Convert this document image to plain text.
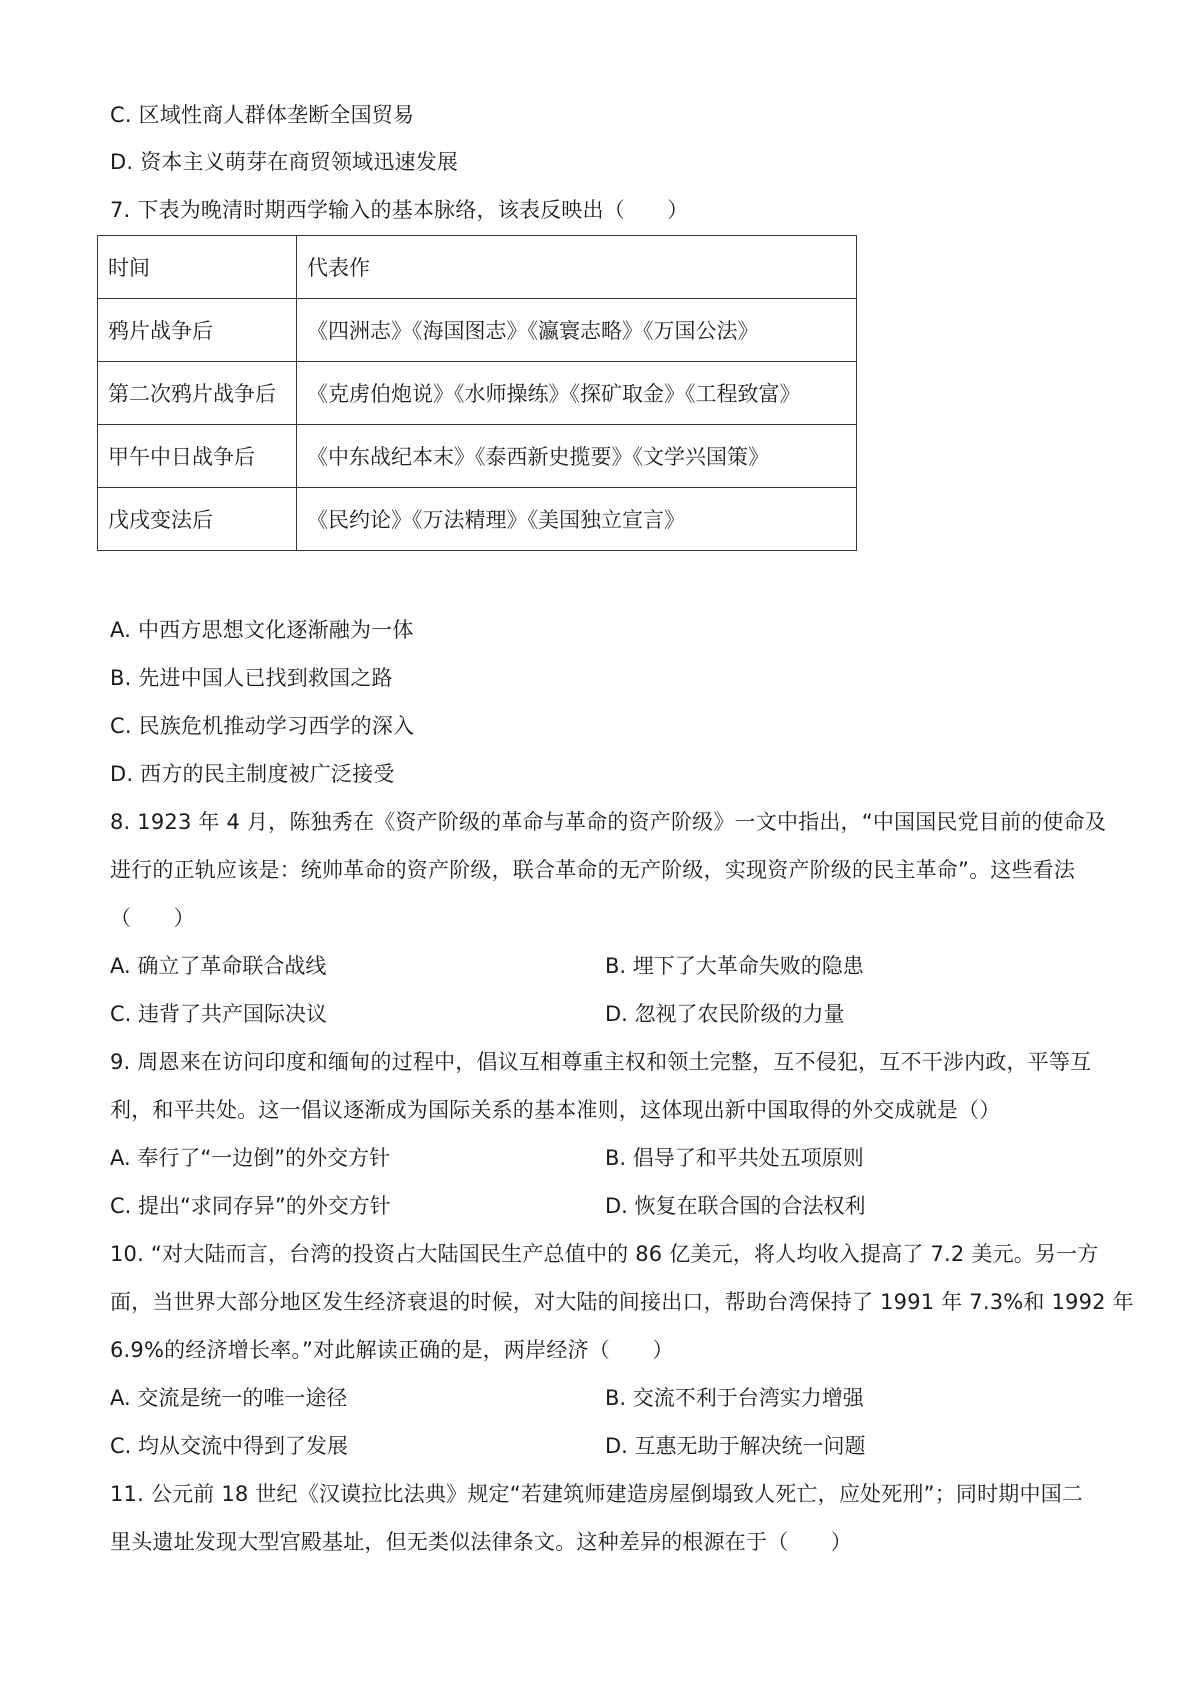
C. 区域性商人群体垄断全国贸易
D. 资本主义萌芽在商贸领域迅速发展
7. 下表为晚清时期西学输入的基本脉络，该表反映出（　　）
时间	代表作
鸦片战争后	《四洲志》《海国图志》《瀛寰志略》《万国公法》
第二次鸦片战争后	《克虏伯炮说》《水师操练》《探矿取金》《工程致富》
甲午中日战争后	《中东战纪本末》《泰西新史揽要》《文学兴国策》
戊戌变法后	《民约论》《万法精理》《美国独立宣言》
A. 中西方思想文化逐渐融为一体
B. 先进中国人已找到救国之路
C. 民族危机推动学习西学的深入
D. 西方的民主制度被广泛接受
8. 1923 年 4 月，陈独秀在《资产阶级的革命与革命的资产阶级》一文中指出，“中国国民党目前的使命及
进行的正轨应该是：统帅革命的资产阶级，联合革命的无产阶级，实现资产阶级的民主革命”。这些看法
（　　）
A. 确立了革命联合战线	B. 埋下了大革命失败的隐患
C. 违背了共产国际决议	D. 忽视了农民阶级的力量
9. 周恩来在访问印度和缅甸的过程中，倡议互相尊重主权和领土完整，互不侵犯，互不干涉内政，平等互
利，和平共处。这一倡议逐渐成为国际关系的基本准则，这体现出新中国取得的外交成就是（）
A. 奉行了“一边倒”的外交方针	B. 倡导了和平共处五项原则
C. 提出“求同存异”的外交方针	D. 恢复在联合国的合法权利
10. “对大陆而言，台湾的投资占大陆国民生产总值中的 86 亿美元，将人均收入提高了 7.2 美元。另一方
面，当世界大部分地区发生经济衰退的时候，对大陆的间接出口，帮助台湾保持了 1991 年 7.3%和 1992 年
6.9%的经济增长率。”对此解读正确的是，两岸经济（　　）
A. 交流是统一的唯一途径	B. 交流不利于台湾实力增强
C. 均从交流中得到了发展	D. 互惠无助于解决统一问题
11. 公元前 18 世纪《汉谟拉比法典》规定“若建筑师建造房屋倒塌致人死亡，应处死刑”；同时期中国二
里头遗址发现大型宫殿基址，但无类似法律条文。这种差异的根源在于（　　）
